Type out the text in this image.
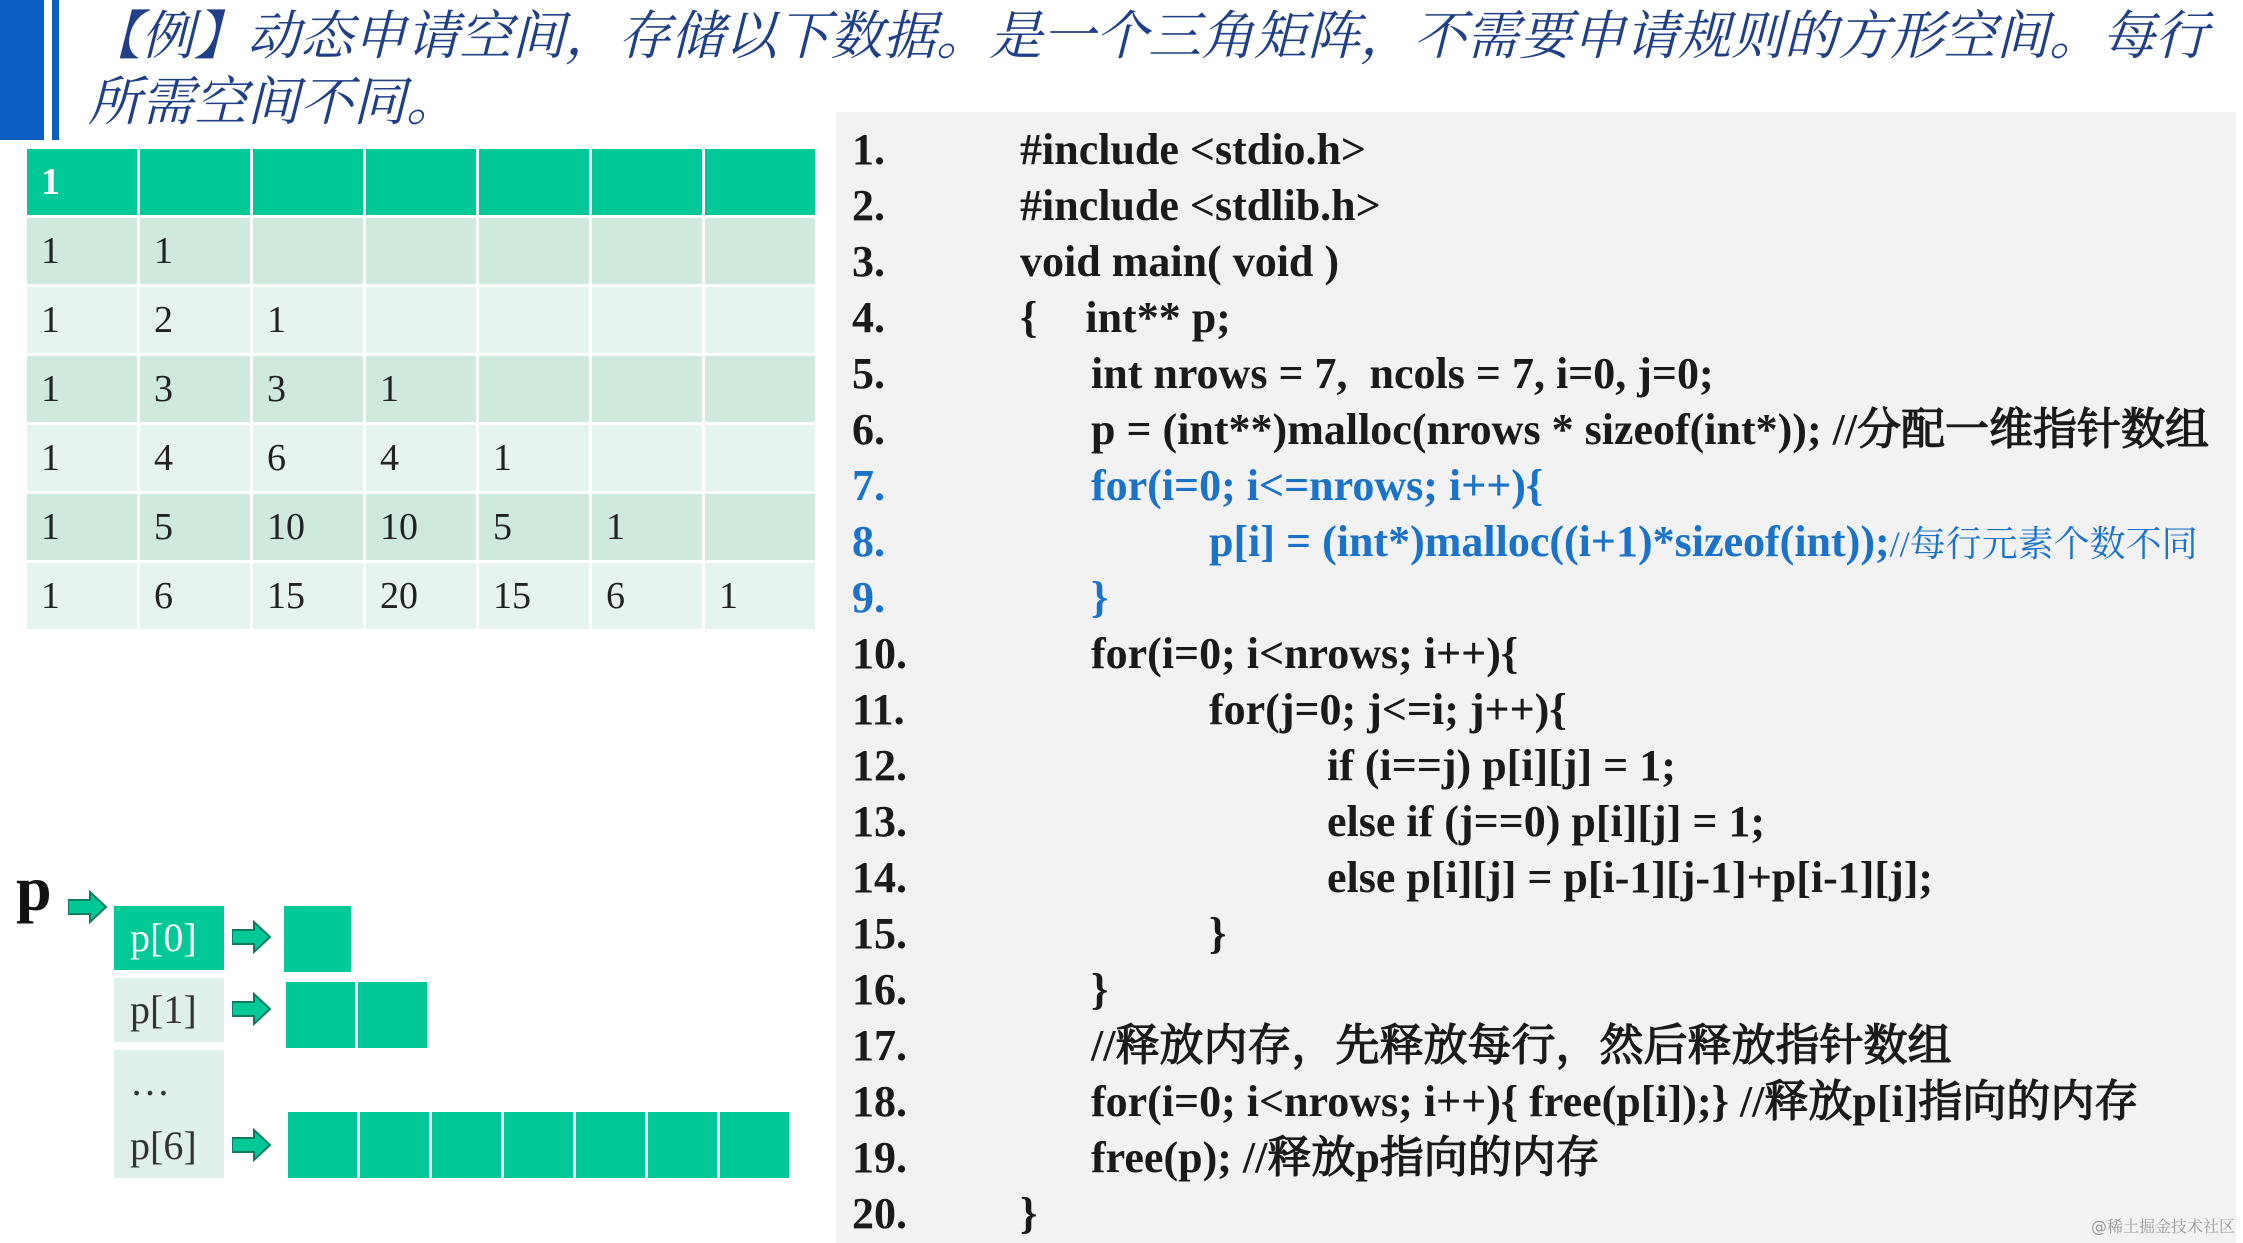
【例】动态申请空间，存储以下数据。是一个三角矩阵，不需要申请规则的方形空间。每行所需空间不同。
1						
1	1					
1	2	1				
1	3	3	1			
1	4	6	4	1		
1	5	10	10	5	1	
1	6	15	20	15	6	1
p
p[0]
p[1]
…
p[6]
1.	#include <stdio.h>
2.	#include <stdlib.h>
3.	void main( void )
4.	{ int** p;
5.	int nrows = 7,  ncols = 7, i=0, j=0;
6.	p = (int**)malloc(nrows * sizeof(int*)); //分配一维指针数组
7.	for(i=0; i<=nrows; i++){
8.	p[i] = (int*)malloc((i+1)*sizeof(int));//每行元素个数不同
9.	}
10.	for(i=0; i<nrows; i++){
11.	for(j=0; j<=i; j++){
12.	if (i==j) p[i][j] = 1;
13.	else if (j==0) p[i][j] = 1;
14.	else p[i][j] = p[i-1][j-1]+p[i-1][j];
15.	}
16.	}
17.	//释放内存，先释放每行，然后释放指针数组
18.	for(i=0; i<nrows; i++){ free(p[i]);} //释放p[i]指向的内存
19.	free(p); //释放p指向的内存
20.	}	@稀土掘金技术社区
